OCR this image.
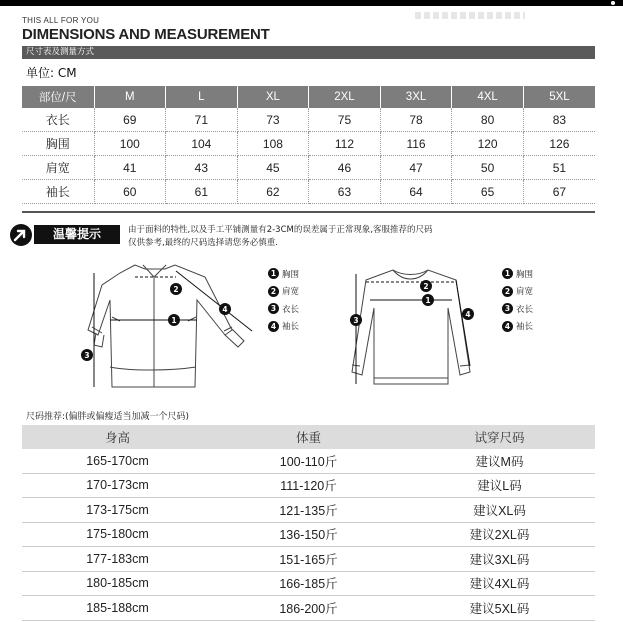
THIS ALL FOR YOU
DIMENSIONS AND MEASUREMENT
尺寸表及测量方式
单位: CM
部位/尺	M	L	XL	2XL	3XL	4XL	5XL
衣长	69	71	73	75	78	80	83
胸围	100	104	108	112	116	120	126
肩宽	41	43	45	46	47	50	51
袖长	60	61	62	63	64	65	67
温馨提示	由于面料的特性,以及手工平铺测量有2-3CM的误差属于正常现象,客服推荐的尺码
仅供参考,最终的尺码选择请您务必慎重.
1
2
4
3
1 胸围
2 肩宽
3 衣长
4 袖长
1
2
3
4
1 胸围
2 肩宽
3 衣长
4 袖长
尺码推荐:(偏胖或偏瘦适当加减一个尺码)
身高	体重	试穿尺码
165-170cm	100-110斤	建议M码
170-173cm	111-120斤	建议L码
173-175cm	121-135斤	建议XL码
175-180cm	136-150斤	建议2XL码
177-183cm	151-165斤	建议3XL码
180-185cm	166-185斤	建议4XL码
185-188cm	186-200斤	建议5XL码
